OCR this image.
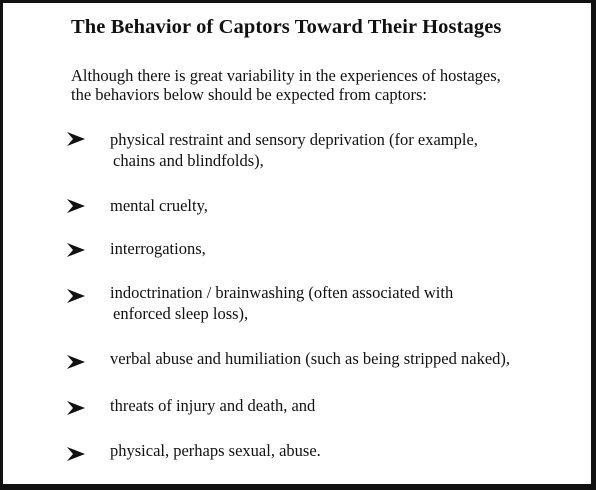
The Behavior of Captors Toward Their Hostages

Although there is great variability in the experiences of hostages,
the behaviors below should be expected from captors:

physical restraint and sensory deprivation (for example,
chains and blindfolds),
mental cruelty,
interrogations,
indoctrination / brainwashing (often associated with
enforced sleep loss),
verbal abuse and humiliation (such as being stripped naked),
threats of injury and death, and
physical, perhaps sexual, abuse.
